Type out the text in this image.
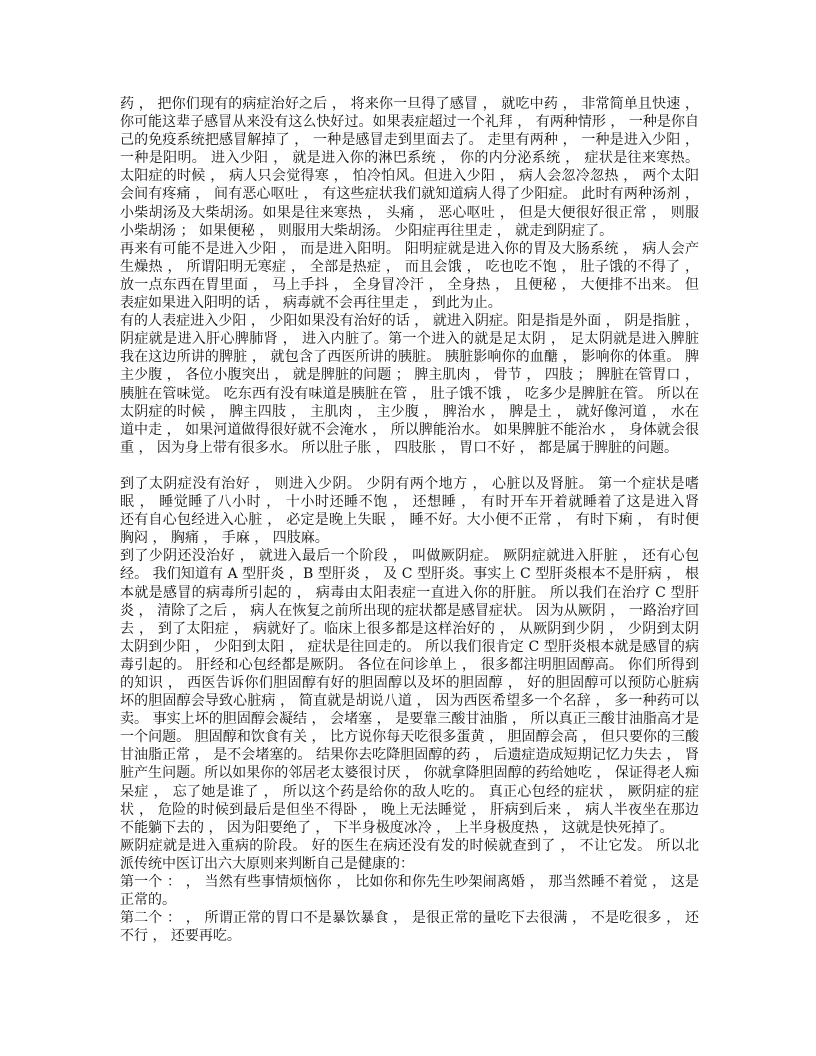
药 ， 把你们现有的病症治好之后 ， 将来你一旦得了感冒 ， 就吃中药 ， 非常简单且快速 ，
你可能这辈子感冒从来没有这么快好过。如果表症超过一个礼拜 ， 有两种情形 ， 一种是你自
己的免疫系统把感冒解掉了 ， 一种是感冒走到里面去了。 走里有两种 ， 一种是进入少阳 ，
一种是阳明。 进入少阳 ， 就是进入你的淋巴系统 ， 你的内分泌系统 ， 症状是往来寒热。
太阳症的时候 ， 病人只会觉得寒 ， 怕冷怕风。但进入少阳 ， 病人会忽冷忽热 ， 两个太阳
会间有疼痛 ， 间有恶心呕吐 ， 有这些症状我们就知道病人得了少阳症。 此时有两种汤剂 ，
小柴胡汤及大柴胡汤。如果是往来寒热 ， 头痛 ， 恶心呕吐 ， 但是大便很好很正常 ， 则服
小柴胡汤 ； 如果便秘 ， 则服用大柴胡汤。 少阳症再往里走 ， 就走到阴症了。
再来有可能不是进入少阳 ， 而是进入阳明。 阳明症就是进入你的胃及大肠系统 ， 病人会产
生燥热 ， 所谓阳明无寒症 ， 全部是热症 ， 而且会饿 ， 吃也吃不饱 ， 肚子饿的不得了 ，
放一点东西在胃里面 ， 马上手抖 ， 全身冒冷汗 ， 全身热 ， 且便秘 ， 大便排不出来。 但
表症如果进入阳明的话 ， 病毒就不会再往里走 ， 到此为止。
有的人表症进入少阳 ， 少阳如果没有治好的话 ， 就进入阴症。阳是指是外面 ， 阴是指脏 ，
阴症就是进入肝心脾肺肾 ， 进入内脏了。第一个进入的就是足太阴 ， 足太阴就是进入脾脏
我在这边所讲的脾脏 ， 就包含了西医所讲的胰脏。 胰脏影响你的血醣 ， 影响你的体重。 脾
主少腹 ， 各位小腹突出 ， 就是脾脏的问题 ； 脾主肌肉 ， 骨节 ， 四肢 ； 脾脏在管胃口 ，
胰脏在管味觉。 吃东西有没有味道是胰脏在管 ， 肚子饿不饿 ， 吃多少是脾脏在管。 所以在
太阴症的时候 ， 脾主四肢 ， 主肌肉 ， 主少腹 ， 脾治水 ， 脾是土 ， 就好像河道 ， 水在
道中走 ， 如果河道做得很好就不会淹水 ， 所以脾能治水。 如果脾脏不能治水 ， 身体就会很
重 ， 因为身上带有很多水。 所以肚子胀 ， 四肢胀 ， 胃口不好 ， 都是属于脾脏的问题。
到了太阴症没有治好 ， 则进入少阴。 少阴有两个地方 ， 心脏以及肾脏。 第一个症状是嗜
眠 ， 睡觉睡了八小时 ， 十小时还睡不饱 ， 还想睡 ， 有时开车开着就睡着了这是进入肾
还有自心包经进入心脏 ， 必定是晚上失眠 ， 睡不好。大小便不正常 ， 有时下痢 ， 有时便
胸闷 ， 胸痛 ， 手麻 ， 四肢麻。
到了少阴还没治好 ， 就进入最后一个阶段 ， 叫做厥阴症。 厥阴症就进入肝脏 ， 还有心包
经。 我们知道有 A 型肝炎 ，B 型肝炎 ， 及 C 型肝炎。事实上 C 型肝炎根本不是肝病 ， 根
本就是感冒的病毒所引起的 ， 病毒由太阳表症一直进入你的肝脏。 所以我们在治疗 C 型肝
炎 ， 清除了之后 ， 病人在恢复之前所出现的症状都是感冒症状。 因为从厥阴 ， 一路治疗回
去 ， 到了太阳症 ， 病就好了。临床上很多都是这样治好的 ， 从厥阴到少阴 ， 少阴到太阴
太阴到少阳 ， 少阳到太阳 ， 症状是往回走的。 所以我们很肯定 C 型肝炎根本就是感冒的病
毒引起的。 肝经和心包经都是厥阴。 各位在问诊单上 ， 很多都注明胆固醇高。 你们所得到
的知识 ， 西医告诉你们胆固醇有好的胆固醇以及坏的胆固醇 ， 好的胆固醇可以预防心脏病
坏的胆固醇会导致心脏病 ， 简直就是胡说八道 ， 因为西医希望多一个名辞 ， 多一种药可以
卖。 事实上坏的胆固醇会凝结 ， 会堵塞 ， 是要靠三酸甘油脂 ， 所以真正三酸甘油脂高才是
一个问题。 胆固醇和饮食有关 ， 比方说你每天吃很多蛋黄 ， 胆固醇会高 ， 但只要你的三酸
甘油脂正常 ， 是不会堵塞的。 结果你去吃降胆固醇的药 ， 后遗症造成短期记忆力失去 ， 肾
脏产生问题。所以如果你的邻居老太婆很讨厌 ， 你就拿降胆固醇的药给她吃 ， 保证得老人痴
呆症 ， 忘了她是谁了 ， 所以这个药是给你的敌人吃的。 真正心包经的症状 ， 厥阴症的症
状 ， 危险的时候到最后是但坐不得卧 ， 晚上无法睡觉 ， 肝病到后来 ， 病人半夜坐在那边
不能躺下去的 ， 因为阳要绝了 ， 下半身极度冰冷 ， 上半身极度热 ， 这就是快死掉了。
厥阴症就是进入重病的阶段。 好的医生在病还没有发的时候就查到了 ， 不让它发。 所以北
派传统中医订出六大原则来判断自己是健康的：
第一个 ： ， 当然有些事情烦恼你 ， 比如你和你先生吵架闹离婚 ， 那当然睡不着觉 ， 这是
正常的。
第二个 ： ， 所谓正常的胃口不是暴饮暴食 ， 是很正常的量吃下去很满 ， 不是吃很多 ， 还
不行 ， 还要再吃。
